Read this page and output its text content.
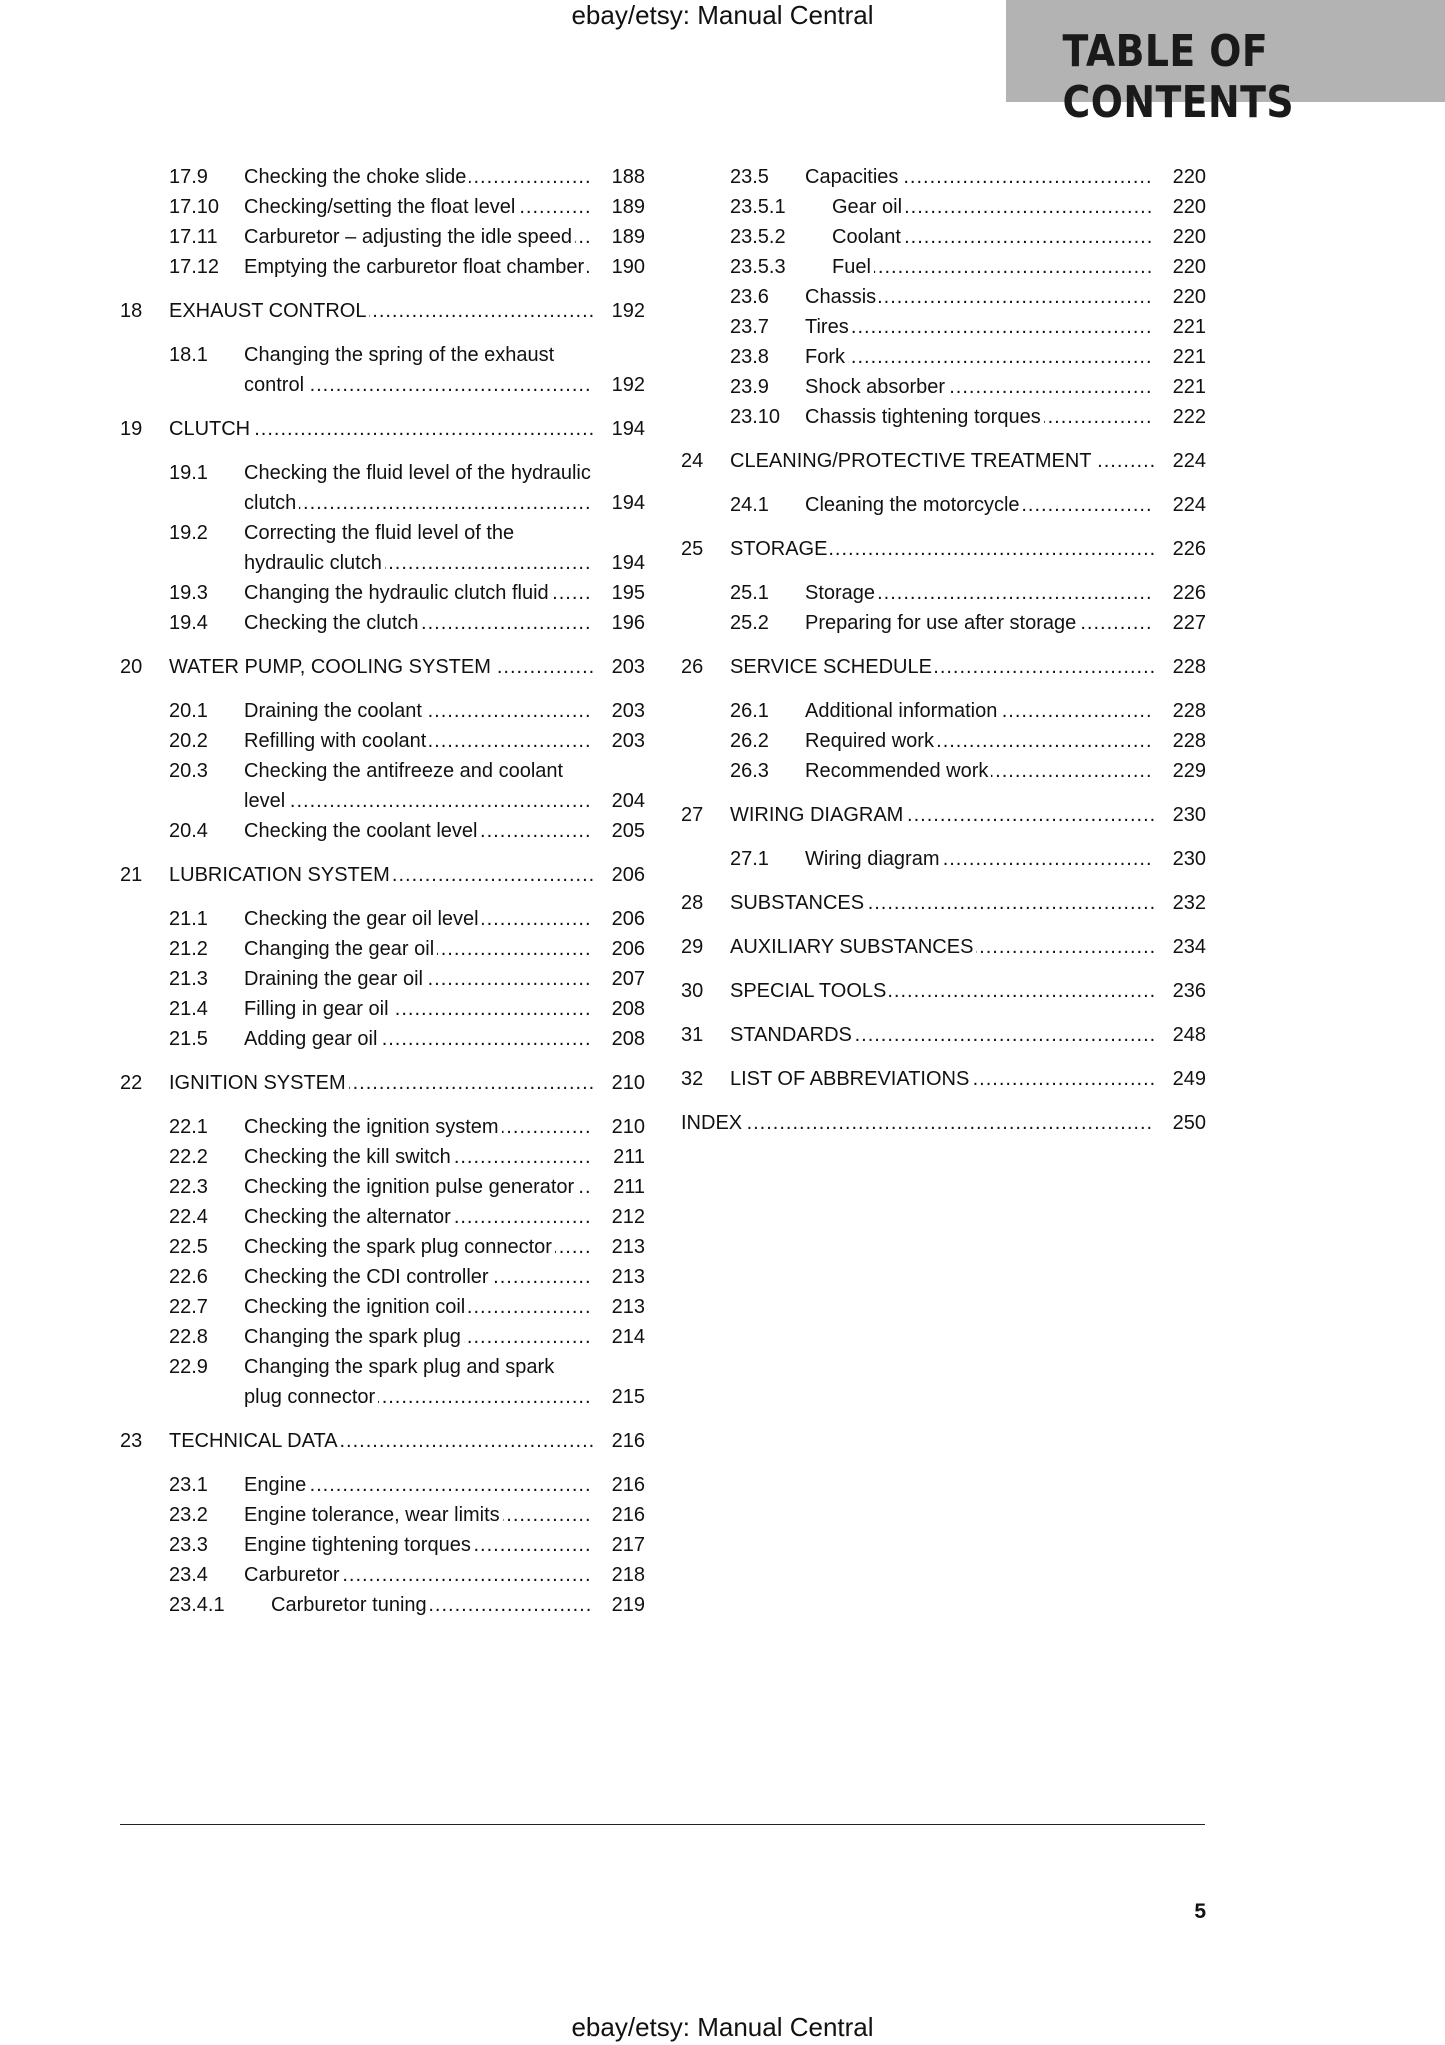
ebay/etsy: Manual Central
TABLE OF CONTENTS
17.9 Checking the choke slide .....	188
17.10 Checking/setting the float level .....	189
17.11 Carburetor – adjusting the idle speed .....	189
17.12 Emptying the carburetor float chamber .....	190
18 EXHAUST CONTROL .....	192
18.1 Changing the spring of the exhaust control .....	192
19 CLUTCH .....	194
19.1 Checking the fluid level of the hydraulic clutch .....	194
19.2 Correcting the fluid level of the hydraulic clutch .....	194
19.3 Changing the hydraulic clutch fluid .....	195
19.4 Checking the clutch .....	196
20 WATER PUMP, COOLING SYSTEM .....	203
20.1 Draining the coolant .....	203
20.2 Refilling with coolant .....	203
20.3 Checking the antifreeze and coolant level .....	204
20.4 Checking the coolant level .....	205
21 LUBRICATION SYSTEM .....	206
21.1 Checking the gear oil level .....	206
21.2 Changing the gear oil .....	206
21.3 Draining the gear oil .....	207
21.4 Filling in gear oil .....	208
21.5 Adding gear oil .....	208
22 IGNITION SYSTEM .....	210
22.1 Checking the ignition system .....	210
22.2 Checking the kill switch .....	211
22.3 Checking the ignition pulse generator .....	211
22.4 Checking the alternator .....	212
22.5 Checking the spark plug connector .....	213
22.6 Checking the CDI controller .....	213
22.7 Checking the ignition coil .....	213
22.8 Changing the spark plug .....	214
22.9 Changing the spark plug and spark plug connector .....	215
23 TECHNICAL DATA .....	216
23.1 Engine .....	216
23.2 Engine tolerance, wear limits .....	216
23.3 Engine tightening torques .....	217
23.4 Carburetor .....	218
23.4.1 Carburetor tuning .....	219
23.5 Capacities .....	220
23.5.1 Gear oil .....	220
23.5.2 Coolant .....	220
23.5.3 Fuel .....	220
23.6 Chassis .....	220
23.7 Tires .....	221
23.8 Fork .....	221
23.9 Shock absorber .....	221
23.10 Chassis tightening torques .....	222
24 CLEANING/PROTECTIVE TREATMENT .....	224
24.1 Cleaning the motorcycle .....	224
25 STORAGE .....	226
25.1 Storage .....	226
25.2 Preparing for use after storage .....	227
26 SERVICE SCHEDULE .....	228
26.1 Additional information .....	228
26.2 Required work .....	228
26.3 Recommended work .....	229
27 WIRING DIAGRAM .....	230
27.1 Wiring diagram .....	230
28 SUBSTANCES .....	232
29 AUXILIARY SUBSTANCES .....	234
30 SPECIAL TOOLS .....	236
31 STANDARDS .....	248
32 LIST OF ABBREVIATIONS .....	249
INDEX .....	250
5
ebay/etsy: Manual Central
